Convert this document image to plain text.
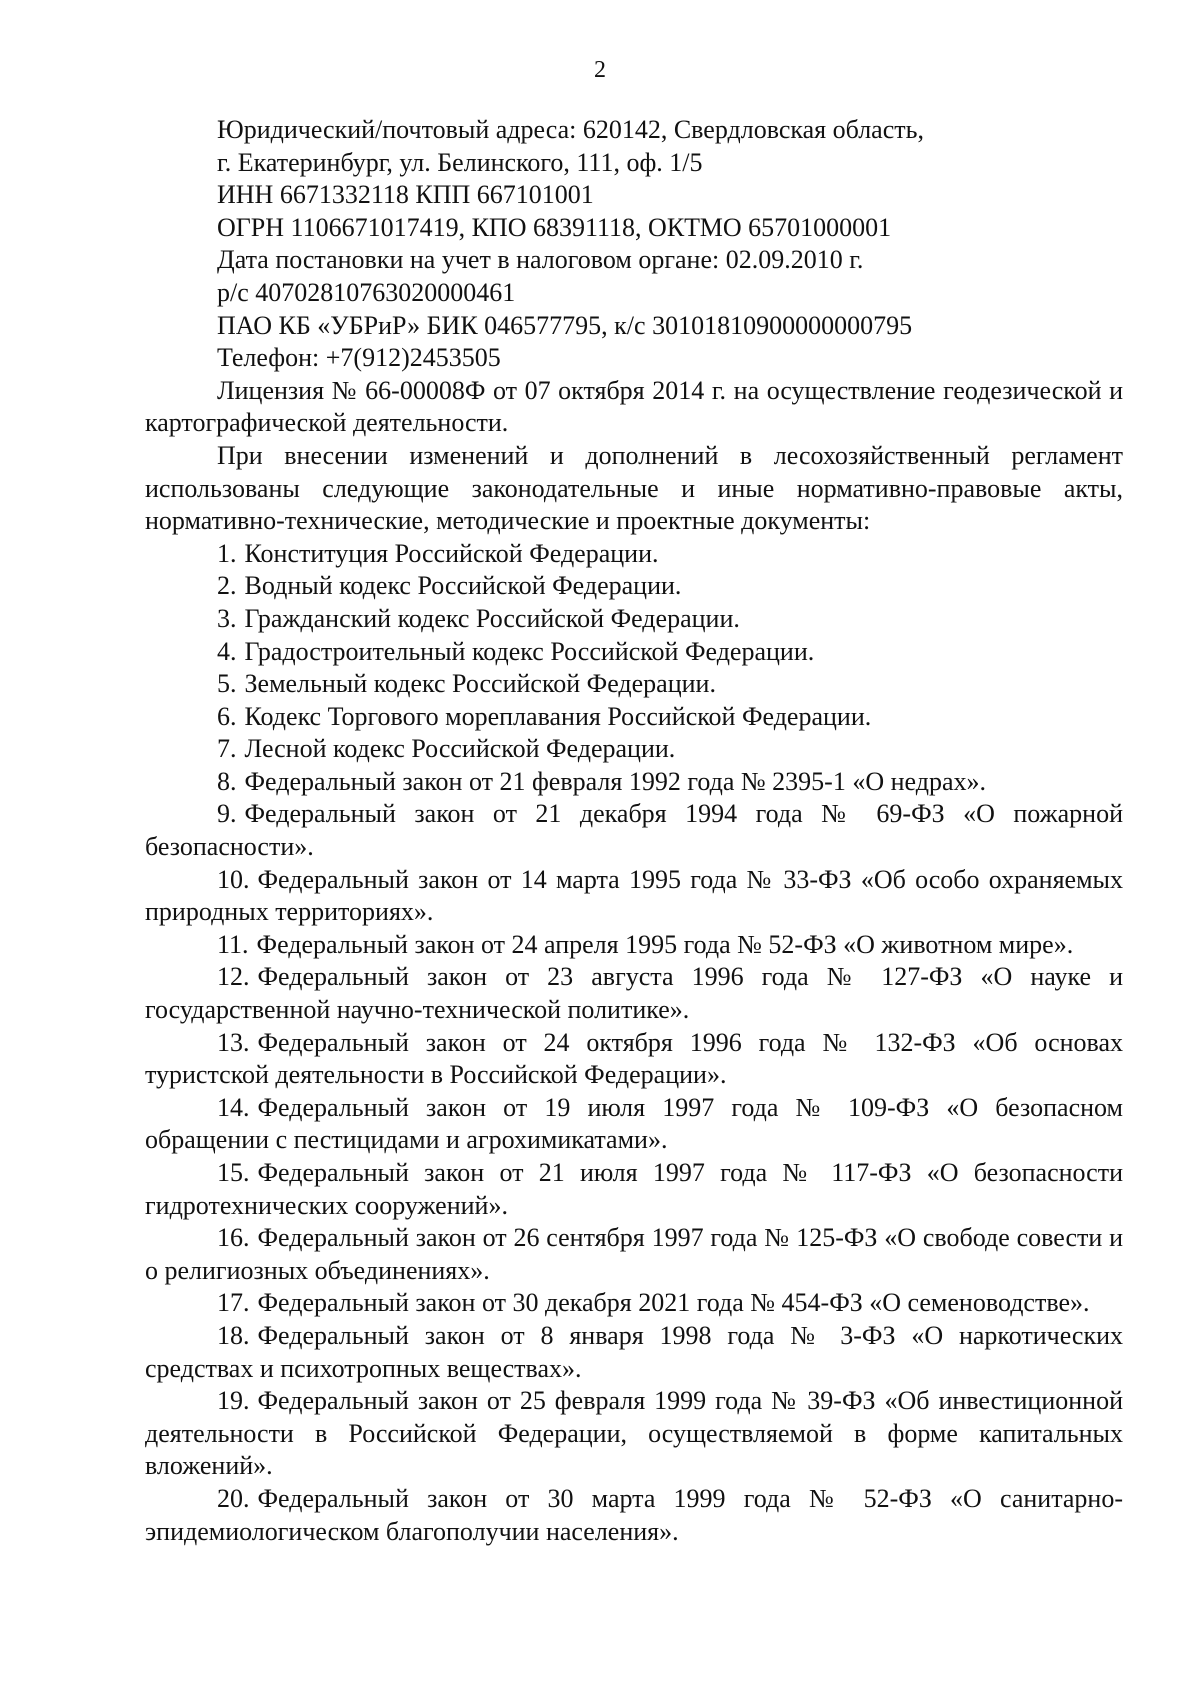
2
Юридический/почтовый адреса: 620142, Свердловская область,
г. Екатеринбург, ул. Белинского, 111, оф. 1/5
ИНН 6671332118 КПП 667101001
ОГРН 1106671017419, КПО 68391118, ОКТМО 65701000001
Дата постановки на учет в налоговом органе: 02.09.2010 г.
р/с 40702810763020000461
ПАО КБ «УБРиР» БИК 046577795, к/с 30101810900000000795
Телефон: +7(912)2453505

Лицензия № 66-00008Ф от 07 октября 2014 г. на осуществление геодезической и картографической деятельности.

При внесении изменений и дополнений в лесохозяйственный регламент использованы следующие законодательные и иные нормативно-правовые акты, нормативно-технические, методические и проектные документы:

1. Конституция Российской Федерации.
2. Водный кодекс Российской Федерации.
3. Гражданский кодекс Российской Федерации.
4. Градостроительный кодекс Российской Федерации.
5. Земельный кодекс Российской Федерации.
6. Кодекс Торгового мореплавания Российской Федерации.
7. Лесной кодекс Российской Федерации.
8. Федеральный закон от 21 февраля 1992 года № 2395-1 «О недрах».
9. Федеральный закон от 21 декабря 1994 года № 69-ФЗ «О пожарной безопасности».
10. Федеральный закон от 14 марта 1995 года № 33-ФЗ «Об особо охраняемых природных территориях».
11. Федеральный закон от 24 апреля 1995 года № 52-ФЗ «О животном мире».
12. Федеральный закон от 23 августа 1996 года № 127-ФЗ «О науке и государственной научно-технической политике».
13. Федеральный закон от 24 октября 1996 года № 132-ФЗ «Об основах туристской деятельности в Российской Федерации».
14. Федеральный закон от 19 июля 1997 года № 109-ФЗ «О безопасном обращении с пестицидами и агрохимикатами».
15. Федеральный закон от 21 июля 1997 года № 117-ФЗ «О безопасности гидротехнических сооружений».
16. Федеральный закон от 26 сентября 1997 года № 125-ФЗ «О свободе совести и о религиозных объединениях».
17. Федеральный закон от 30 декабря 2021 года № 454-ФЗ «О семеноводстве».
18. Федеральный закон от 8 января 1998 года № 3-ФЗ «О наркотических средствах и психотропных веществах».
19. Федеральный закон от 25 февраля 1999 года № 39-ФЗ «Об инвестиционной деятельности в Российской Федерации, осуществляемой в форме капитальных вложений».
20. Федеральный закон от 30 марта 1999 года № 52-ФЗ «О санитарно-эпидемиологическом благополучии населения».
